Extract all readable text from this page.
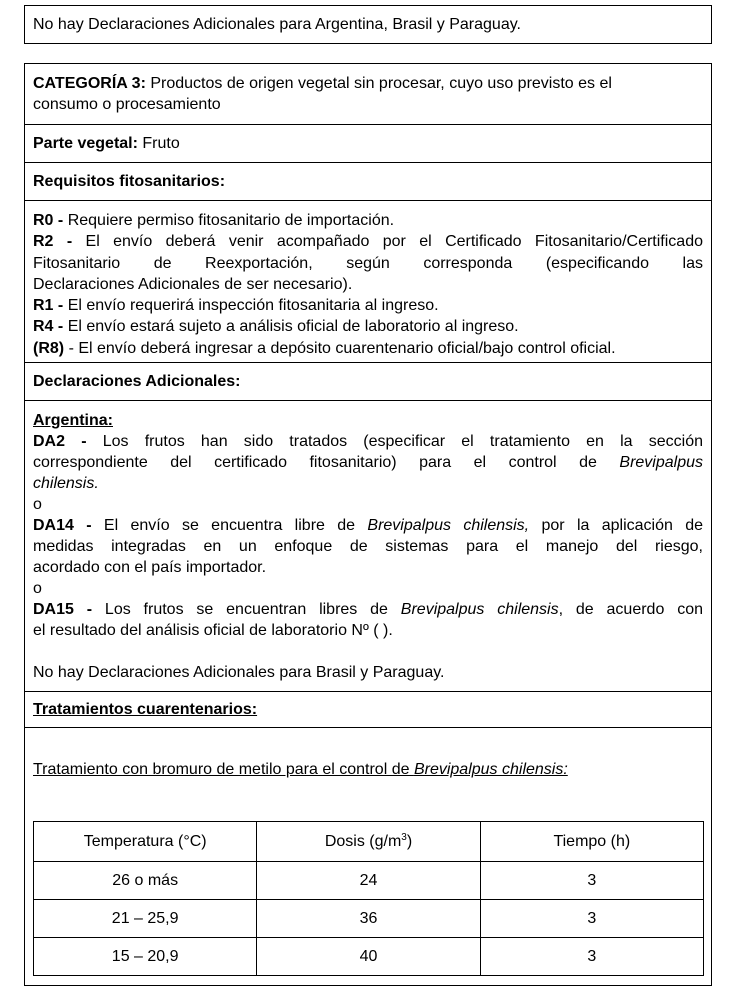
No hay Declaraciones Adicionales para Argentina, Brasil y Paraguay.
CATEGORÍA 3: Productos de origen vegetal sin procesar, cuyo uso previsto es el
consumo o procesamiento
Parte vegetal: Fruto
Requisitos fitosanitarios:
R0 - Requiere permiso fitosanitario de importación.
R2 - El envío deberá venir acompañado por el Certificado Fitosanitario/Certificado
Fitosanitario de Reexportación, según corresponda (especificando las
Declaraciones Adicionales de ser necesario).
R1 - El envío requerirá inspección fitosanitaria al ingreso.
R4 - El envío estará sujeto a análisis oficial de laboratorio al ingreso.
(R8) - El envío deberá ingresar a depósito cuarentenario oficial/bajo control oficial.
Declaraciones Adicionales:
Argentina:
DA2 - Los frutos han sido tratados (especificar el tratamiento en la sección
correspondiente del certificado fitosanitario) para el control de Brevipalpus
chilensis.
o
DA14 - El envío se encuentra libre de Brevipalpus chilensis, por la aplicación de
medidas integradas en un enfoque de sistemas para el manejo del riesgo,
acordado con el país importador.
o
DA15 - Los frutos se encuentran libres de Brevipalpus chilensis, de acuerdo con
el resultado del análisis oficial de laboratorio Nº ( ).
No hay Declaraciones Adicionales para Brasil y Paraguay.
Tratamientos cuarentenarios:
Tratamiento con bromuro de metilo para el control de Brevipalpus chilensis:
Temperatura (°C)	Dosis $(g/m^3)$	Tiempo (h)
26 o más	24	3
21 – 25,9	36	3
15 – 20,9	40	3
